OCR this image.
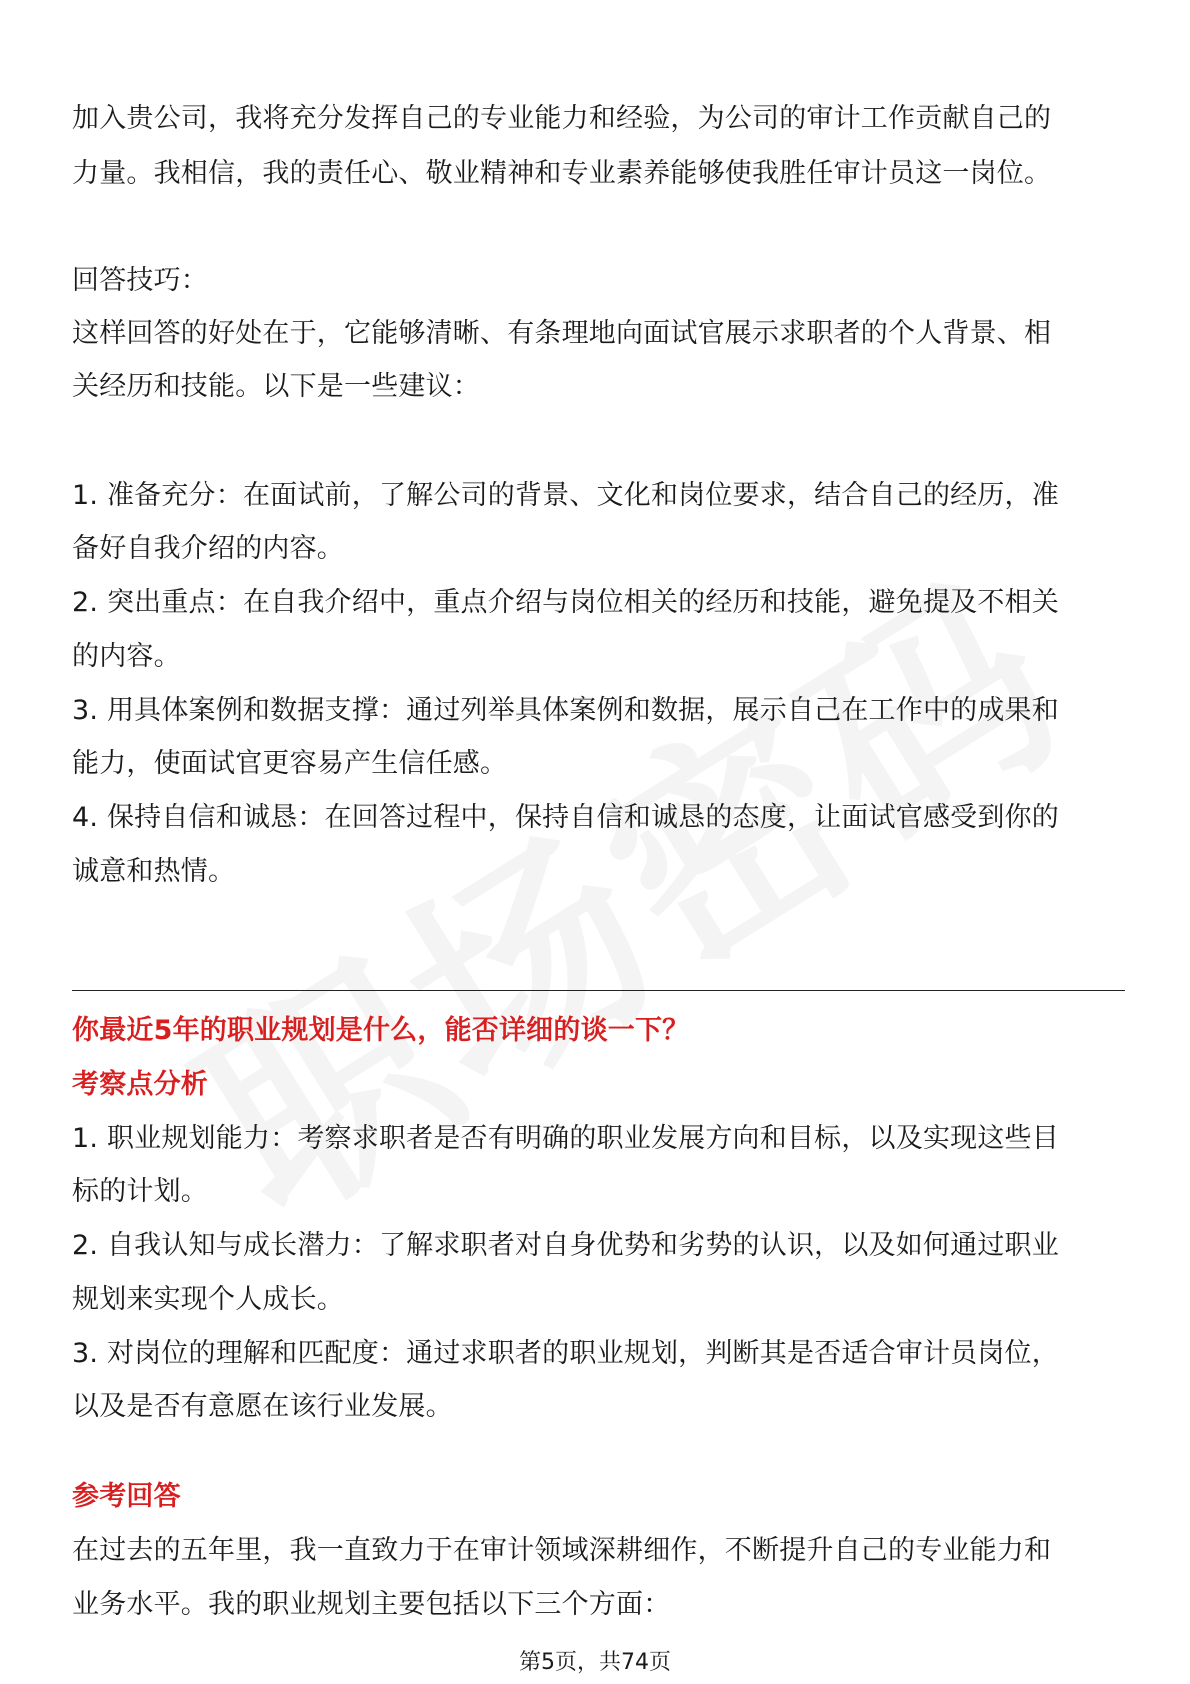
加入贵公司，我将充分发挥自己的专业能力和经验，为公司的审计工作贡献自己的
力量。我相信，我的责任心、敬业精神和专业素养能够使我胜任审计员这一岗位。
回答技巧：
这样回答的好处在于，它能够清晰、有条理地向面试官展示求职者的个人背景、相
关经历和技能。以下是一些建议：
1. 准备充分：在面试前，了解公司的背景、文化和岗位要求，结合自己的经历，准
备好自我介绍的内容。
2. 突出重点：在自我介绍中，重点介绍与岗位相关的经历和技能，避免提及不相关
的内容。
3. 用具体案例和数据支撑：通过列举具体案例和数据，展示自己在工作中的成果和
能力，使面试官更容易产生信任感。
4. 保持自信和诚恳：在回答过程中，保持自信和诚恳的态度，让面试官感受到你的
诚意和热情。
你最近5年的职业规划是什么，能否详细的谈一下？
考察点分析
1. 职业规划能力：考察求职者是否有明确的职业发展方向和目标，以及实现这些目
标的计划。
2. 自我认知与成长潜力：了解求职者对自身优势和劣势的认识，以及如何通过职业
规划来实现个人成长。
3. 对岗位的理解和匹配度：通过求职者的职业规划，判断其是否适合审计员岗位，
以及是否有意愿在该行业发展。
参考回答
在过去的五年里，我一直致力于在审计领域深耕细作，不断提升自己的专业能力和
业务水平。我的职业规划主要包括以下三个方面：
第5页，共74页
